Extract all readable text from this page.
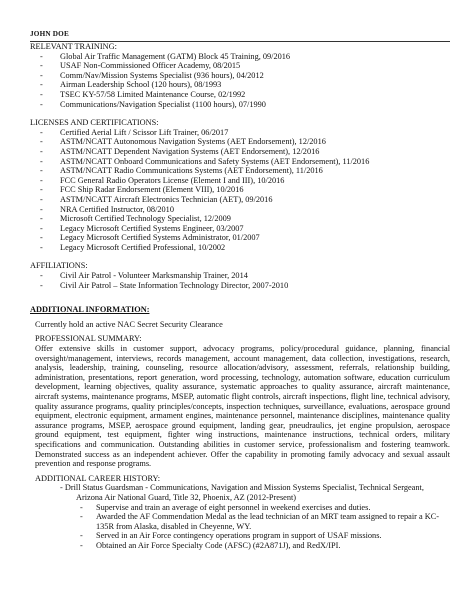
JOHN DOE
RELEVANT TRAINING:
- Global Air Traffic Management (GATM) Block 45 Training, 09/2016
- USAF Non-Commissioned Officer Academy, 08/2015
- Comm/Nav/Mission Systems Specialist (936 hours), 04/2012
- Airman Leadership School (120 hours), 08/1993
- TSEC KY-57/58 Limited Maintenance Course, 02/1992
- Communications/Navigation Specialist (1100 hours), 07/1990
LICENSES AND CERTIFICATIONS:
- Certified Aerial Lift / Scissor Lift Trainer, 06/2017
- ASTM/NCATT Autonomous Navigation Systems (AET Endorsement), 12/2016
- ASTM/NCATT Dependent Navigation Systems (AET Endorsement), 12/2016
- ASTM/NCATT Onboard Communications and Safety Systems (AET Endorsement), 11/2016
- ASTM/NCATT Radio Communications Systems (AET Endorsement), 11/2016
- FCC General Radio Operators License (Element I and III), 10/2016
- FCC Ship Radar Endorsement (Element VIII), 10/2016
- ASTM/NCATT Aircraft Electronics Technician (AET), 09/2016
- NRA Certified Instructor, 08/2010
- Microsoft Certified Technology Specialist, 12/2009
- Legacy Microsoft Certified Systems Engineer, 03/2007
- Legacy Microsoft Certified Systems Administrator, 01/2007
- Legacy Microsoft Certified Professional, 10/2002
AFFILIATIONS:
- Civil Air Patrol - Volunteer Marksmanship Trainer, 2014
- Civil Air Patrol – State Information Technology Director, 2007-2010
ADDITIONAL INFORMATION:
Currently hold an active NAC Secret Security Clearance
PROFESSIONAL SUMMARY:
Offer extensive skills in customer support, advocacy programs, policy/procedural guidance, planning, financial oversight/management, interviews, records management, account management, data collection, investigations, research, analysis, leadership, training, counseling, resource allocation/advisory, assessment, referrals, relationship building, administration, presentations, report generation, word processing, technology, automation software, education curriculum development, learning objectives, quality assurance, systematic approaches to quality assurance, aircraft maintenance, aircraft systems, maintenance programs, MSEP, automatic flight controls, aircraft inspections, flight line, technical advisory, quality assurance programs, quality principles/concepts, inspection techniques, surveillance, evaluations, aerospace ground equipment, electronic equipment, armament engines, maintenance personnel, maintenance disciplines, maintenance quality assurance programs, MSEP, aerospace ground equipment, landing gear, pneudraulics, jet engine propulsion, aerospace ground equipment, test equipment, fighter wing instructions, maintenance instructions, technical orders, military specifications and communication. Outstanding abilities in customer service, professionalism and fostering teamwork. Demonstrated success as an independent achiever. Offer the capability in promoting family advocacy and sexual assault prevention and response programs.
ADDITIONAL CAREER HISTORY:
- Drill Status Guardsman - Communications, Navigation and Mission Systems Specialist, Technical Sergeant,
Arizona Air National Guard, Title 32, Phoenix, AZ (2012-Present)
- Supervise and train an average of eight personnel in weekend exercises and duties.
- Awarded the AF Commendation Medal as the lead technician of an MRT team assigned to repair a KC-135R from Alaska, disabled in Cheyenne, WY.
- Served in an Air Force contingency operations program in support of USAF missions.
- Obtained an Air Force Specialty Code (AFSC) (#2A871J), and RedX/IPI.
